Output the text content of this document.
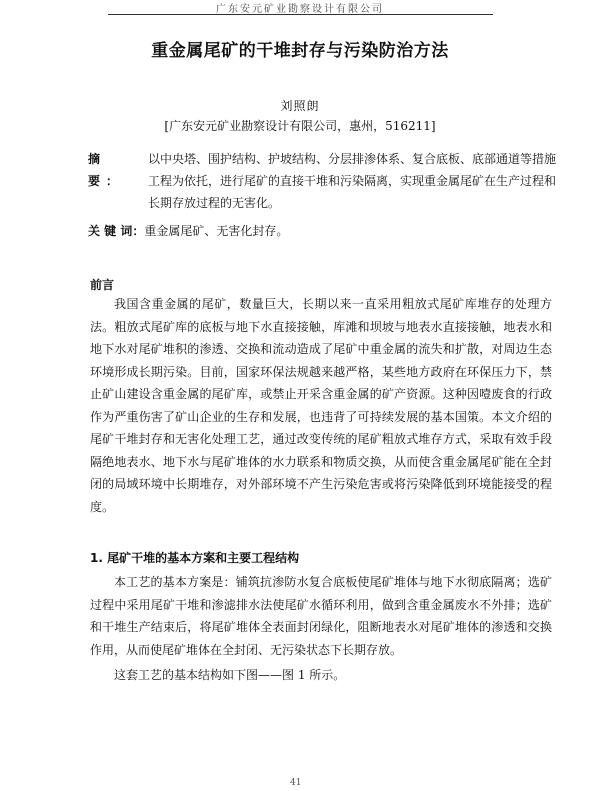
广东安元矿业勘察设计有限公司
重金属尾矿的干堆封存与污染防治方法
刘照朗
[广东安元矿业勘察设计有限公司，惠州，516211]
摘 要：
以中央塔、围护结构、护坡结构、分层排渗体系、复合底板、底部通道等措施工程为依托，进行尾矿的直接干堆和污染隔离，实现重金属尾矿在生产过程和长期存放过程的无害化。
关 键 词：重金属尾矿、无害化封存。
前言
我国含重金属的尾矿，数量巨大，长期以来一直采用粗放式尾矿库堆存的处理方法。粗放式尾矿库的底板与地下水直接接触，库滩和坝坡与地表水直接接触，地表水和地下水对尾矿堆积的渗透、交换和流动造成了尾矿中重金属的流失和扩散，对周边生态环境形成长期污染。目前，国家环保法规越来越严格，某些地方政府在环保压力下，禁止矿山建设含重金属的尾矿库，或禁止开采含重金属的矿产资源。这种因噎废食的行政作为严重伤害了矿山企业的生存和发展，也违背了可持续发展的基本国策。本文介绍的尾矿干堆封存和无害化处理工艺，通过改变传统的尾矿粗放式堆存方式，采取有效手段隔绝地表水、地下水与尾矿堆体的水力联系和物质交换，从而使含重金属尾矿能在全封闭的局域环境中长期堆存，对外部环境不产生污染危害或将污染降低到环境能接受的程度。
1. 尾矿干堆的基本方案和主要工程结构
本工艺的基本方案是：铺筑抗渗防水复合底板使尾矿堆体与地下水彻底隔离；选矿过程中采用尾矿干堆和渗滤排水法使尾矿水循环利用，做到含重金属废水不外排；选矿和干堆生产结束后，将尾矿堆体全表面封闭绿化，阻断地表水对尾矿堆体的渗透和交换作用，从而使尾矿堆体在全封闭、无污染状态下长期存放。
这套工艺的基本结构如下图——图 1 所示。
41
